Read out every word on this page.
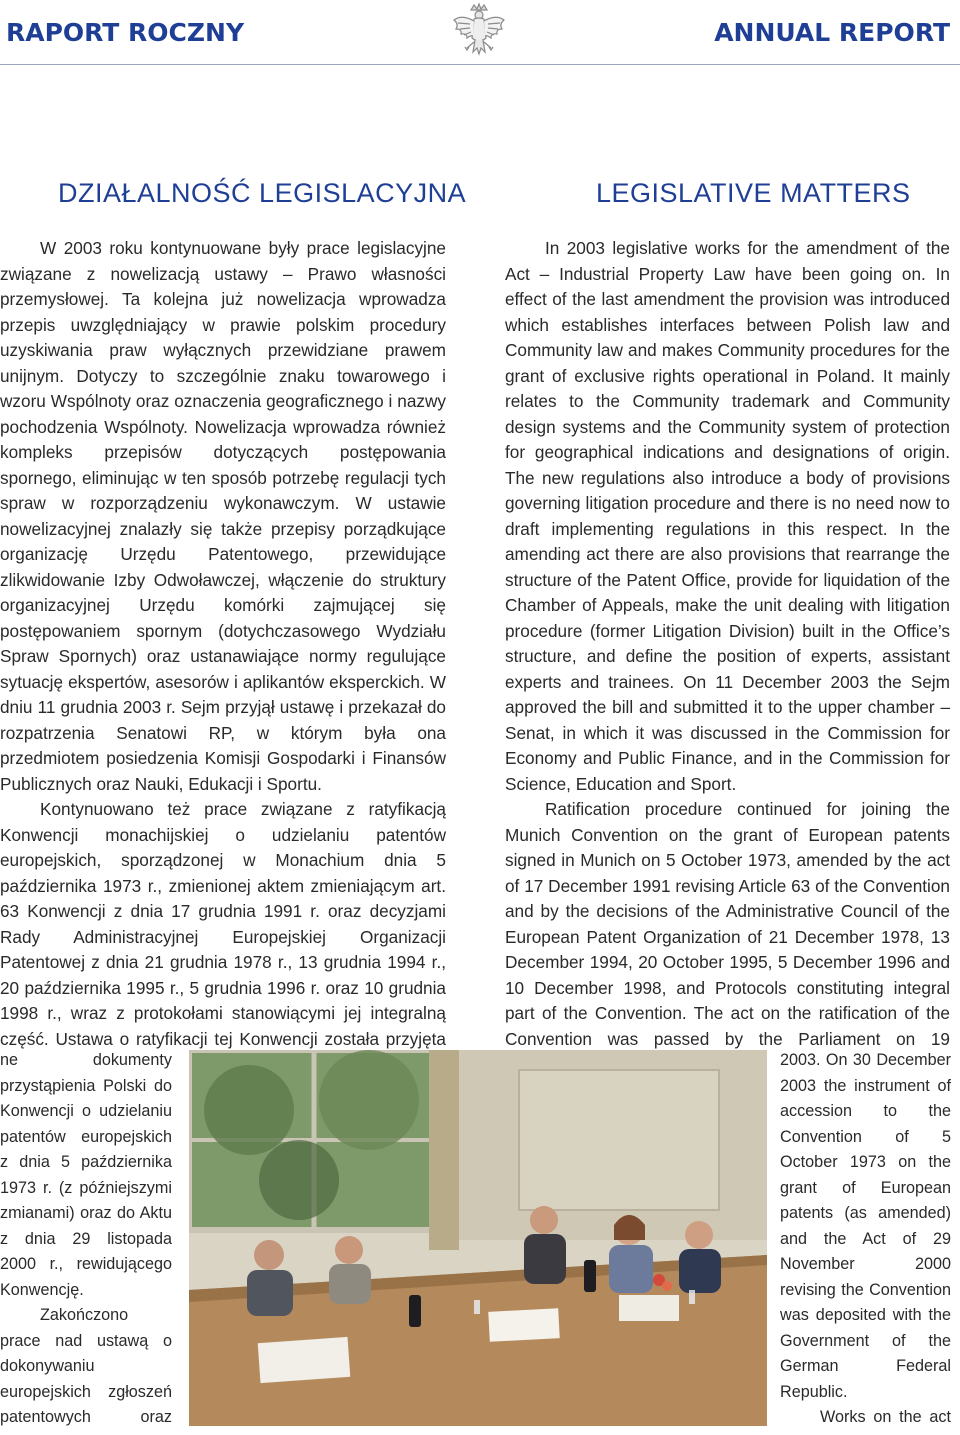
RAPORT ROCZNY	ANNUAL REPORT
DZIAŁALNOŚĆ LEGISLACYJNA	LEGISLATIVE MATTERS

W 2003 roku kontynuowane były prace legislacyjne związane z nowelizacją ustawy – Prawo własności przemysłowej. Ta kolejna już nowelizacja wprowadza przepis uwzględniający w prawie polskim procedury uzyskiwania praw wyłącznych przewidziane prawem unijnym. Dotyczy to szczególnie znaku towarowego i wzoru Wspólnoty oraz oznaczenia geograficznego i nazwy pochodzenia Wspólnoty. Nowelizacja wprowadza również kompleks przepisów dotyczących postępowania spornego, eliminując w ten sposób potrzebę regulacji tych spraw w rozporządzeniu wykonawczym. W ustawie nowelizacyjnej znalazły się także przepisy porządkujące organizację Urzędu Patentowego, przewidujące zlikwidowanie Izby Odwoławczej, włączenie do struktury organizacyjnej Urzędu komórki zajmującej się postępowaniem spornym (dotychczasowego Wydziału Spraw Spornych) oraz ustanawiające normy regulujące sytuację ekspertów, asesorów i aplikantów eksperckich. W dniu 11 grudnia 2003 r. Sejm przyjął ustawę i przekazał do rozpatrzenia Senatowi RP, w którym była ona przedmiotem posiedzenia Komisji Gospodarki i Finansów Publicznych oraz Nauki, Edukacji i Sportu.

Kontynuowano też prace związane z ratyfikacją Konwencji monachijskiej o udzielaniu patentów europejskich, sporządzonej w Monachium dnia 5 października 1973 r., zmienionej aktem zmieniającym art. 63 Konwencji z dnia 17 grudnia 1991 r. oraz decyzjami Rady Administracyjnej Europejskiej Organizacji Patentowej z dnia 21 grudnia 1978 r., 13 grudnia 1994 r., 20 października 1995 r., 5 grudnia 1996 r. oraz 10 grudnia 1998 r., wraz z protokołami stanowiącymi jej integralną część. Ustawa o ratyfikacji tej Konwencji została przyjęta

ne dokumenty przystąpienia Polski do Konwencji o udzielaniu patentów europejskich z dnia 5 października 1973 r. (z późniejszymi zmianami) oraz do Aktu z dnia 29 listopada 2000 r., rewidującego Konwencję.

Zakończono prace nad ustawą o dokonywaniu europejskich zgłoszeń patentowych oraz

In 2003 legislative works for the amendment of the Act – Industrial Property Law have been going on. In effect of the last amendment the provision was introduced which establishes interfaces between Polish law and Community law and makes Community procedures for the grant of exclusive rights operational in Poland. It mainly relates to the Community trademark and Community design systems and the Community system of protection for geographical indications and designations of origin. The new regulations also introduce a body of provisions governing litigation procedure and there is no need now to draft implementing regulations in this respect. In the amending act there are also provisions that rearrange the structure of the Patent Office, provide for liquidation of the Chamber of Appeals, make the unit dealing with litigation procedure (former Litigation Division) built in the Office’s structure, and define the position of experts, assistant experts and trainees. On 11 December 2003 the Sejm approved the bill and submitted it to the upper chamber – Senat, in which it was discussed in the Commission for Economy and Public Finance, and in the Commission for Science, Education and Sport.

Ratification procedure continued for joining the Munich Convention on the grant of European patents signed in Munich on 5 October 1973, amended by the act of 17 December 1991 revising Article 63 of the Convention and by the decisions of the Administrative Council of the European Patent Organization of 21 December 1978, 13 December 1994, 20 October 1995, 5 December 1996 and 10 December 1998, and Protocols constituting integral part of the Convention. The act on the ratification of the Convention was passed by the Parliament on 19

2003. On 30 December 2003 the instrument of accession to the Convention of 5 October 1973 on the grant of European patents (as amended) and the Act of 29 November 2000 revising the Convention was deposited with the Government of the German Federal Republic.

Works on the act
